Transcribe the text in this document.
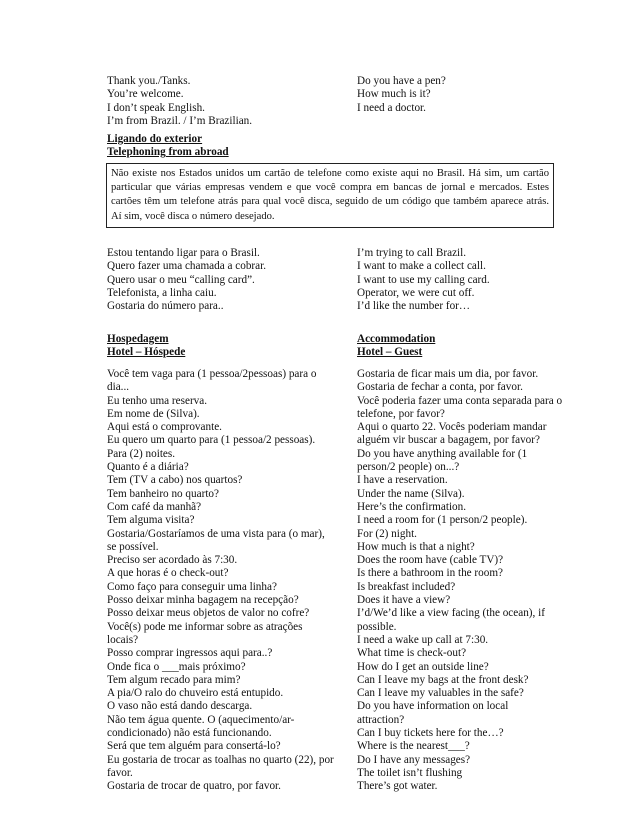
Thank you./Tanks.
You’re welcome.
I don’t speak English.
I’m from Brazil. / I’m Brazilian.
Do you have a pen?
How much is it?
I need a doctor.
Ligando do exterior
Telephoning from abroad
Não existe nos Estados unidos um cartão de telefone como existe aqui no Brasil. Há sim, um cartão particular que várias empresas vendem e que você compra em bancas de jornal e mercados. Estes cartões têm um telefone atrás para qual você disca, seguido de um código que também aparece atrás. Aí sim, você disca o número desejado.
Estou tentando ligar para o Brasil.
Quero fazer uma chamada a cobrar.
Quero usar o meu “calling card”.
Telefonista, a linha caiu.
Gostaria do número para..
I’m trying to call Brazil.
I want to make a collect call.
I want to use my calling card.
Operator, we were cut off.
I’d like the number for…
Hospedagem
Hotel – Hóspede
Accommodation
Hotel – Guest
Você tem vaga para (1 pessoa/2pessoas) para o
dia...
Eu tenho uma reserva.
Em nome de (Silva).
Aqui está o comprovante.
Eu quero um quarto para (1 pessoa/2 pessoas).
Para (2) noites.
Quanto é a diária?
Tem (TV a cabo) nos quartos?
Tem banheiro no quarto?
Com café da manhã?
Tem alguma visita?
Gostaria/Gostaríamos de uma vista para (o mar),
se possível.
Preciso ser acordado às 7:30.
A que horas é o check-out?
Como faço para conseguir uma linha?
Posso deixar minha bagagem na recepção?
Posso deixar meus objetos de valor no cofre?
Você(s) pode me informar sobre as atrações
locais?
Posso comprar ingressos aqui para..?
Onde fica o ___mais próximo?
Tem algum recado para mim?
A pia/O ralo do chuveiro está entupido.
O vaso não está dando descarga.
Não tem água quente. O (aquecimento/ar-
condicionado) não está funcionando.
Será que tem alguém para consertá-lo?
Eu gostaria de trocar as toalhas no quarto (22), por
favor.
Gostaria de trocar de quatro, por favor.
Gostaria de ficar mais um dia, por favor.
Gostaria de fechar a conta, por favor.
Você poderia fazer uma conta separada para o
telefone, por favor?
Aqui o quarto 22. Vocês poderiam mandar
alguém vir buscar a bagagem, por favor?
Do you have anything available for (1
person/2 people) on...?
I have a reservation.
Under the name (Silva).
Here’s the confirmation.
I need a room for (1 person/2 people).
For (2) night.
How much is that a night?
Does the room have (cable TV)?
Is there a bathroom in the room?
Is breakfast included?
Does it have a view?
I’d/We’d like a view facing (the ocean), if
possible.
I need a wake up call at 7:30.
What time is check-out?
How do I get an outside line?
Can I leave my bags at the front desk?
Can I leave my valuables in the safe?
Do you have information on local
attraction?
Can I buy tickets here for the…?
Where is the nearest___?
Do I have any messages?
The toilet isn’t flushing
There’s got water.
